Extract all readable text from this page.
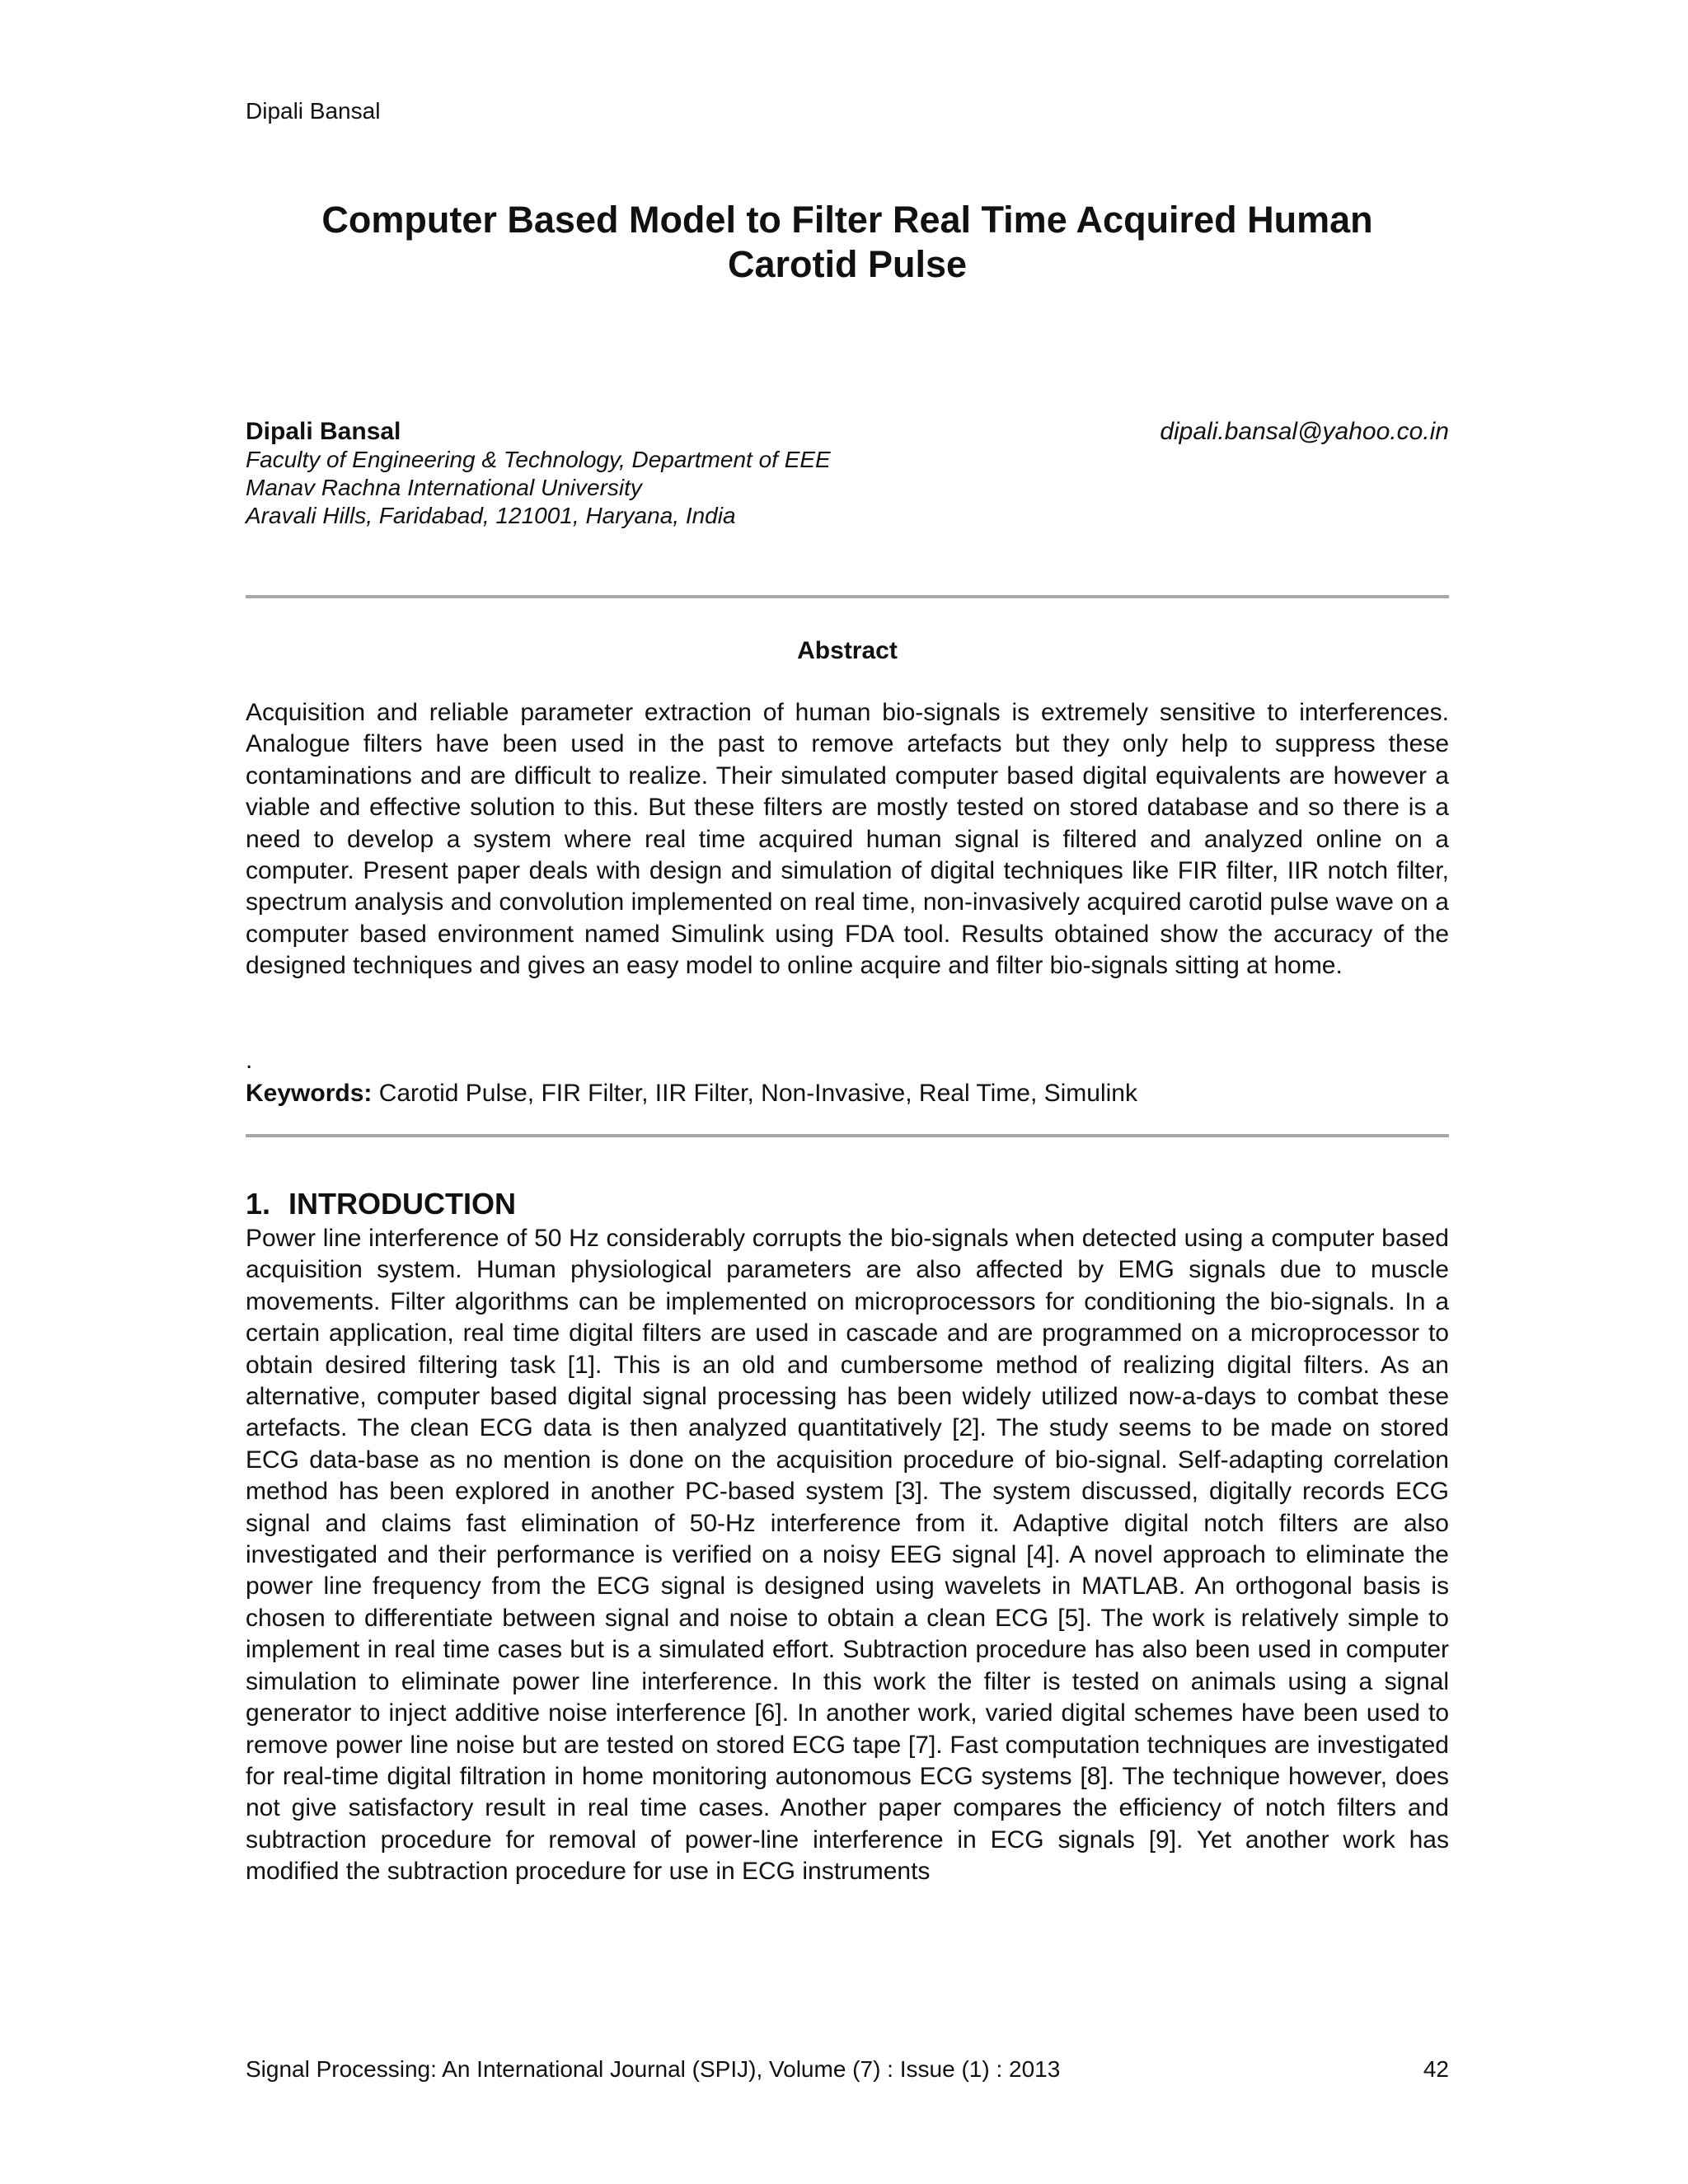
Dipali Bansal
Computer Based Model to Filter Real Time Acquired Human
Carotid Pulse
Dipali Bansal	dipali.bansal@yahoo.co.in
Faculty of Engineering & Technology, Department of EEE
Manav Rachna International University
Aravali Hills, Faridabad, 121001, Haryana, India
Abstract

Acquisition and reliable parameter extraction of human bio-signals is extremely sensitive to interferences. Analogue filters have been used in the past to remove artefacts but they only help to suppress these contaminations and are difficult to realize. Their simulated computer based digital equivalents are however a viable and effective solution to this. But these filters are mostly tested on stored database and so there is a need to develop a system where real time acquired human signal is filtered and analyzed online on a computer. Present paper deals with design and simulation of digital techniques like FIR filter, IIR notch filter, spectrum analysis and convolution implemented on real time, non-invasively acquired carotid pulse wave on a computer based environment named Simulink using FDA tool. Results obtained show the accuracy of the designed techniques and gives an easy model to online acquire and filter bio-signals sitting at home.

.
Keywords: Carotid Pulse, FIR Filter, IIR Filter, Non-Invasive, Real Time, Simulink
1. INTRODUCTION

Power line interference of 50 Hz considerably corrupts the bio-signals when detected using a computer based acquisition system. Human physiological parameters are also affected by EMG signals due to muscle movements. Filter algorithms can be implemented on microprocessors for conditioning the bio-signals. In a certain application, real time digital filters are used in cascade and are programmed on a microprocessor to obtain desired filtering task [1]. This is an old and cumbersome method of realizing digital filters. As an alternative, computer based digital signal processing has been widely utilized now-a-days to combat these artefacts. The clean ECG data is then analyzed quantitatively [2]. The study seems to be made on stored ECG data-base as no mention is done on the acquisition procedure of bio-signal. Self-adapting correlation method has been explored in another PC-based system [3]. The system discussed, digitally records ECG signal and claims fast elimination of 50-Hz interference from it. Adaptive digital notch filters are also investigated and their performance is verified on a noisy EEG signal [4]. A novel approach to eliminate the power line frequency from the ECG signal is designed using wavelets in MATLAB. An orthogonal basis is chosen to differentiate between signal and noise to obtain a clean ECG [5]. The work is relatively simple to implement in real time cases but is a simulated effort. Subtraction procedure has also been used in computer simulation to eliminate power line interference. In this work the filter is tested on animals using a signal generator to inject additive noise interference [6]. In another work, varied digital schemes have been used to remove power line noise but are tested on stored ECG tape [7]. Fast computation techniques are investigated for real-time digital filtration in home monitoring autonomous ECG systems [8]. The technique however, does not give satisfactory result in real time cases. Another paper compares the efficiency of notch filters and subtraction procedure for removal of power-line interference in ECG signals [9]. Yet another work has modified the subtraction procedure for use in ECG instruments

Signal Processing: An International Journal (SPIJ), Volume (7) : Issue (1) : 2013	42
